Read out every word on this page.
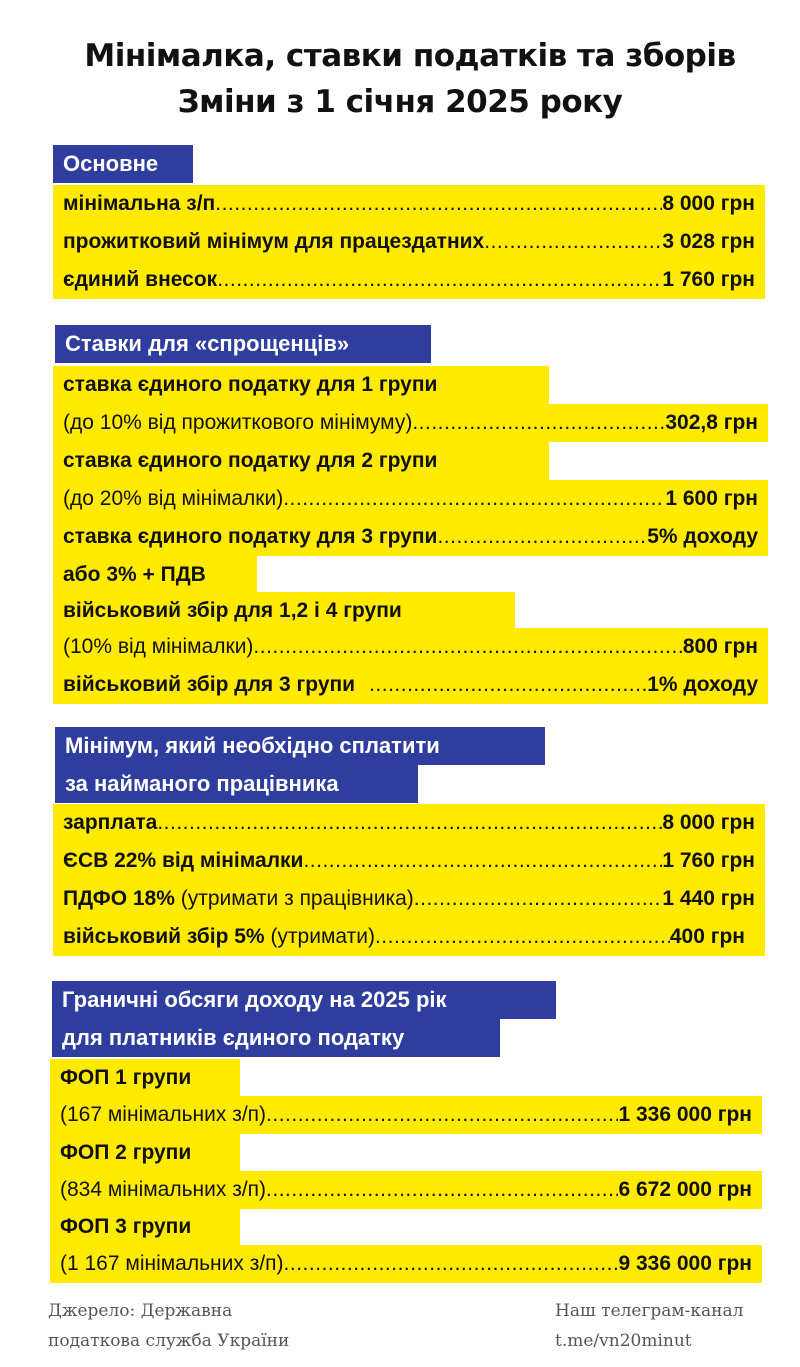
Мінімалка, ставки податків та зборів
Зміни з 1 січня 2025 року
Основне
мінімальна з/п .....	8 000 грн
прожитковий мінімум для працездатних .....	3 028 грн
єдиний внесок .....	1 760 грн
Ставки для «спрощенців»
ставка єдиного податку для 1 групи
(до 10% від прожиткового мінімуму) .....	302,8 грн
ставка єдиного податку для 2 групи
(до 20% від мінімалки) .....	1 600 грн
ставка єдиного податку для 3 групи .....	5% доходу
або 3% + ПДВ
військовий збір для 1,2 і 4 групи
(10% від мінімалки) .....	800 грн
військовий збір для 3 групи .....	1% доходу
Мінімум, який необхідно сплатити
за найманого працівника
зарплата .....	8 000 грн
ЄСВ 22% від мінімалки .....	1 760 грн
ПДФО 18% (утримати з працівника) .....	1 440 грн
військовий збір 5% (утримати) .....	400 грн
Граничні обсяги доходу на 2025 рік
для платників єдиного податку
ФОП 1 групи
(167 мінімальних з/п) .....	1 336 000 грн
ФОП 2 групи
(834 мінімальних з/п) .....	6 672 000 грн
ФОП 3 групи
(1 167 мінімальних з/п) .....	9 336 000 грн
Джерело: Державна
податкова служба України
Наш телеграм-канал
t.me/vn20minut
